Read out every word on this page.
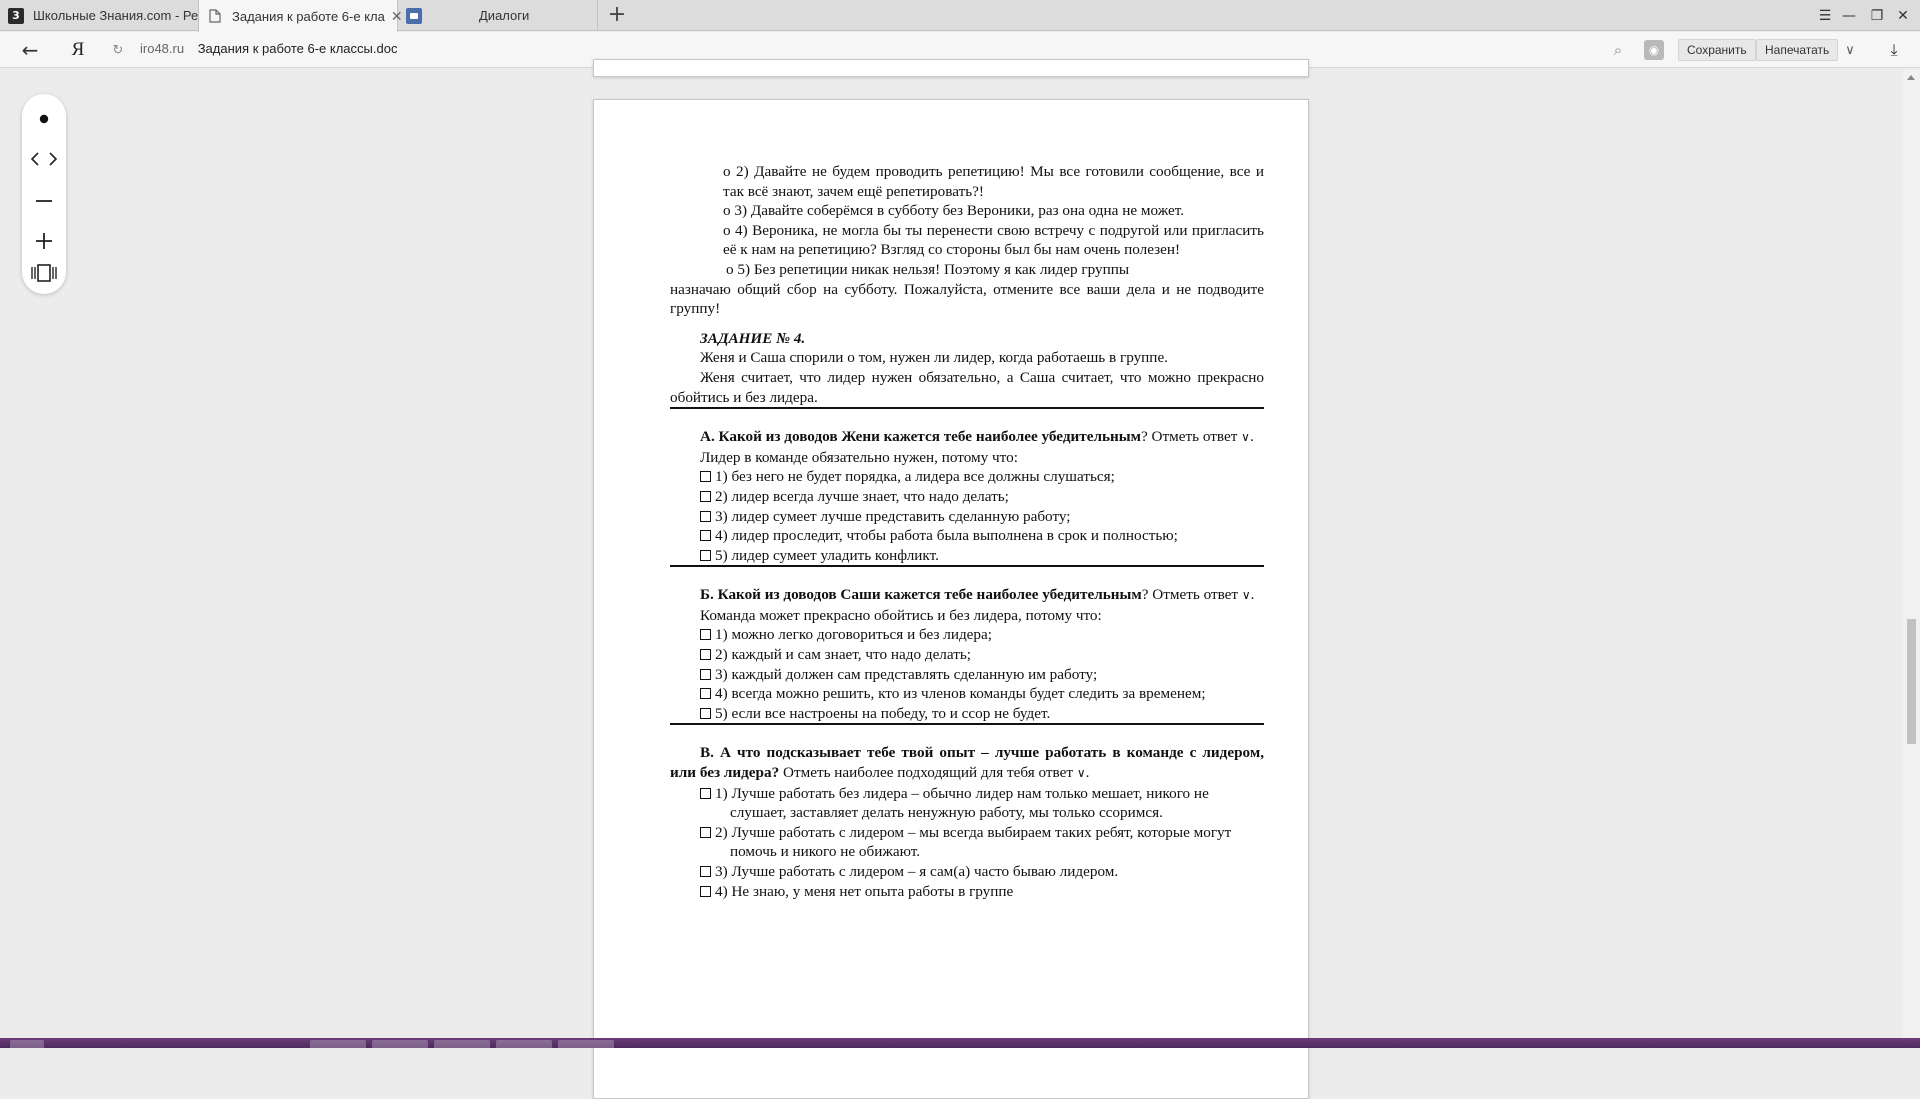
3	Школьные Знания.com - Ре	Задания к работе 6-е кла ✕	Диалоги	+	☰ —	❐ ✕
← Я	↻	iro48.ru Задания к работе 6-е классы.doc	⌕	◉	Сохранить	Напечатать	∨	⤓

о 2) Давайте не будем проводить репетицию! Мы все готовили сообщение, все и так всё знают, зачем ещё репетировать?!

о 3) Давайте соберёмся в субботу без Вероники, раз она одна не может.

о 4) Вероника, не могла бы ты перенести свою встречу с подругой или пригласить её к нам на репетицию? Взгляд со стороны был бы нам очень полезен!

о 5) Без репетиции никак нельзя! Поэтому я как лидер группы

назначаю общий сбор на субботу. Пожалуйста, отмените все ваши дела и не подводите группу!

ЗАДАНИЕ № 4.

Женя и Саша спорили о том, нужен ли лидер, когда работаешь в группе.

Женя считает, что лидер нужен обязательно, а Саша считает, что можно прекрасно обойтись и без лидера.

А. Какой из доводов Жени кажется тебе наиболее убедительным? Отметь ответ ∨.

Лидер в команде обязательно нужен, потому что:

1) без него не будет порядка, а лидера все должны слушаться;

2) лидер всегда лучше знает, что надо делать;

3) лидер сумеет лучше представить сделанную работу;

4) лидер проследит, чтобы работа была выполнена в срок и полностью;

5) лидер сумеет уладить конфликт.

Б. Какой из доводов Саши кажется тебе наиболее убедительным? Отметь ответ ∨.

Команда может прекрасно обойтись и без лидера, потому что:

1) можно легко договориться и без лидера;

2) каждый и сам знает, что надо делать;

3) каждый должен сам представлять сделанную им работу;

4) всегда можно решить, кто из членов команды будет следить за временем;

5) если все настроены на победу, то и ссор не будет.

В. А что подсказывает тебе твой опыт – лучше работать в команде с лидером, или без лидера? Отметь наиболее подходящий для тебя ответ ∨.

1) Лучше работать без лидера – обычно лидер нам только мешает, никого не слушает, заставляет делать ненужную работу, мы только ссоримся.

2) Лучше работать с лидером – мы всегда выбираем таких ребят, которые могут помочь и никого не обижают.

3) Лучше работать с лидером – я сам(а) часто бываю лидером.

4) Не знаю, у меня нет опыта работы в группе
